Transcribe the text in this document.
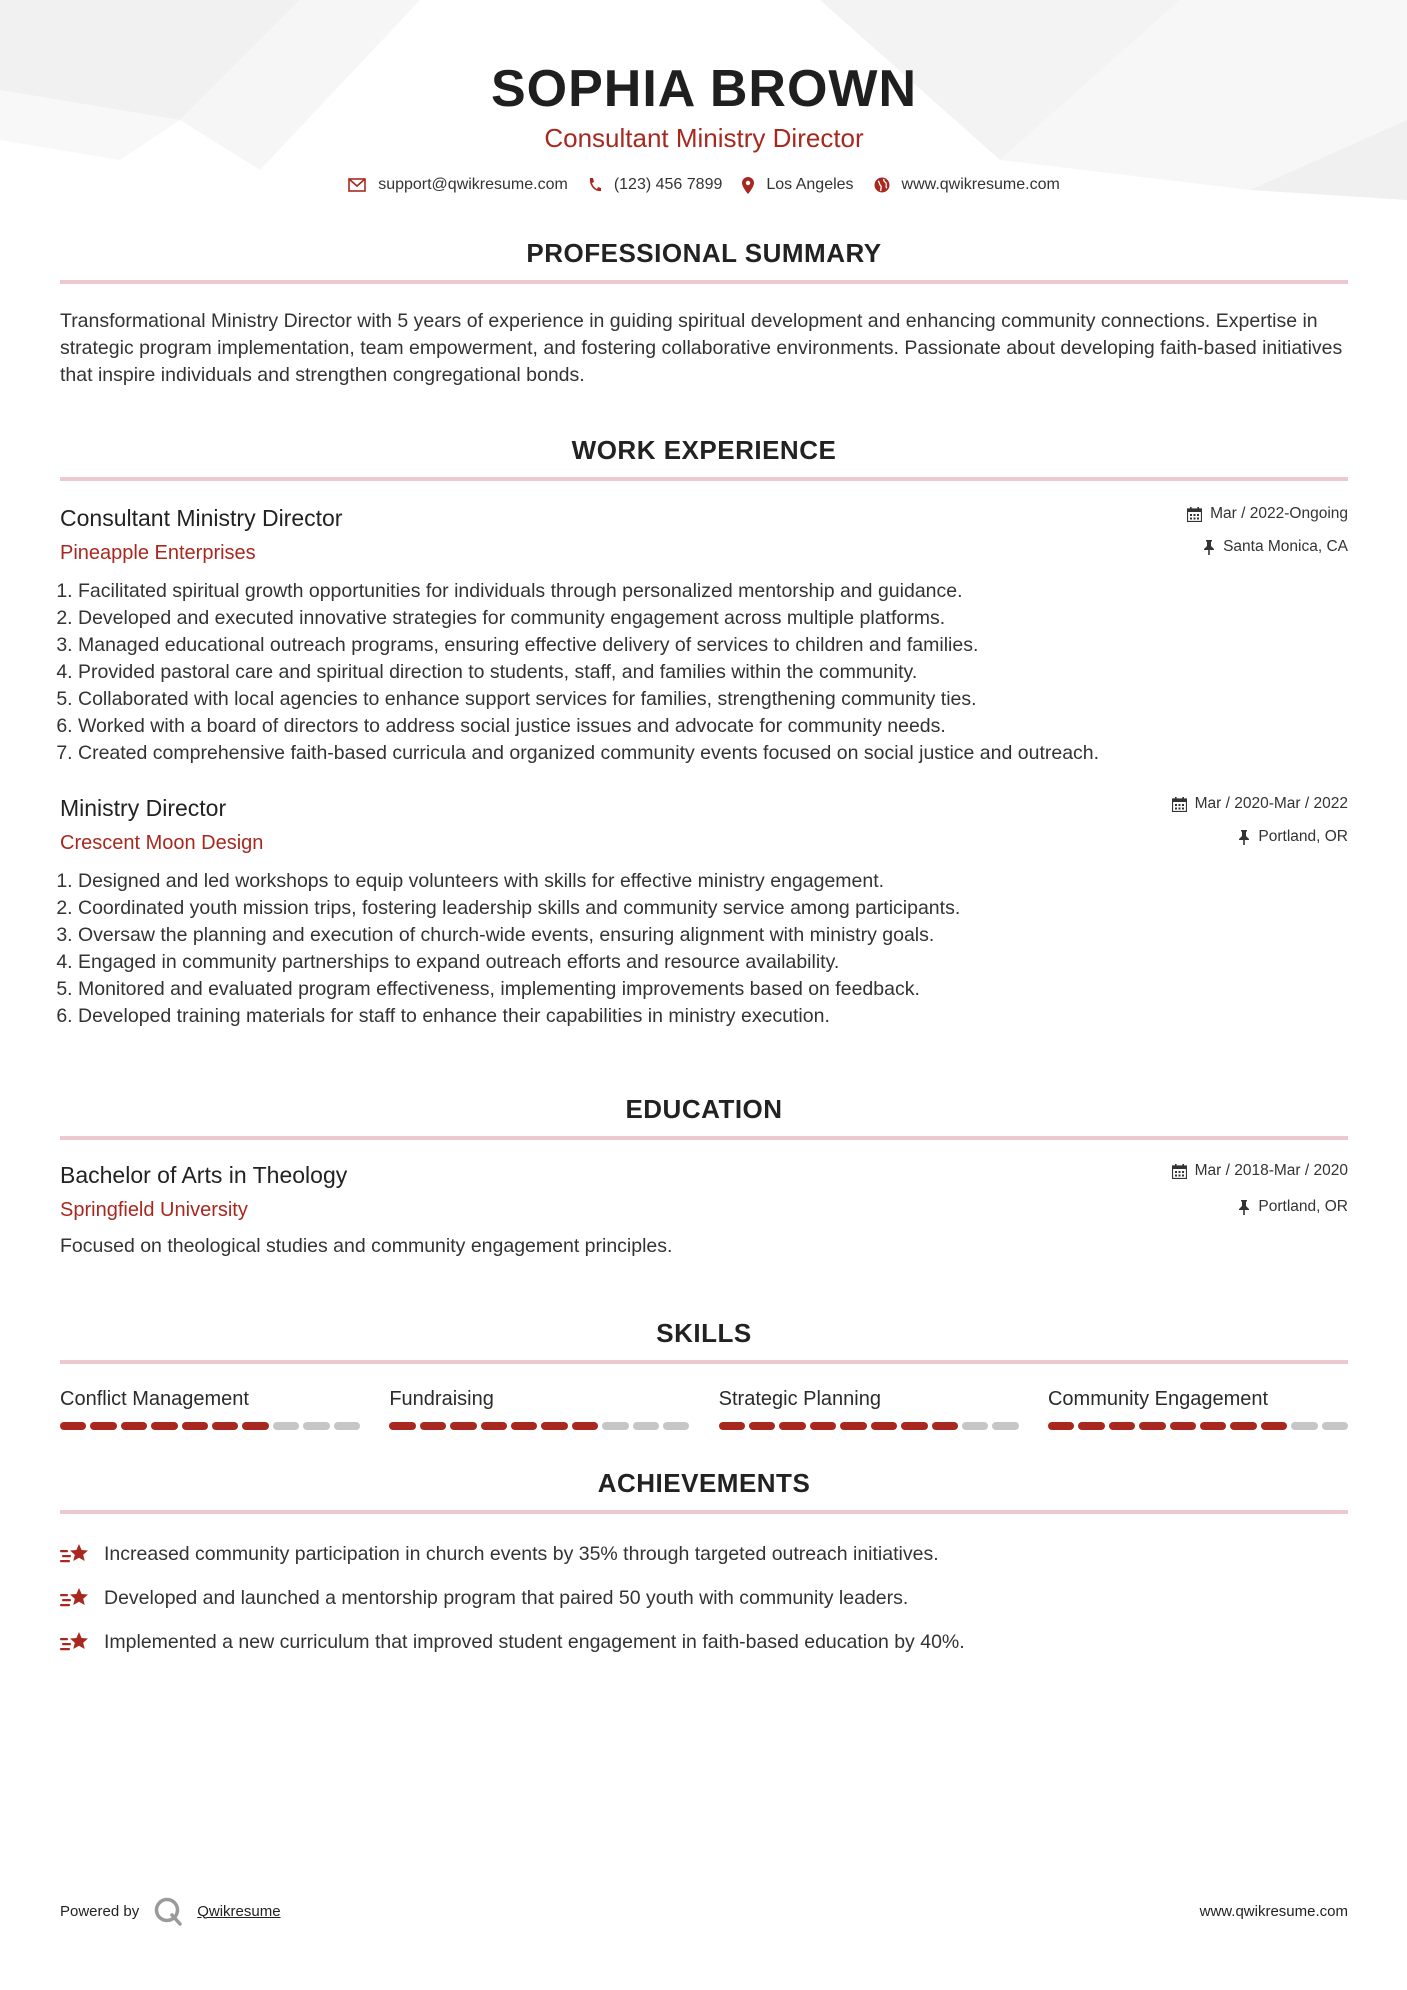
SOPHIA BROWN
Consultant Ministry Director
support@qwikresume.com	(123) 456 7899	Los Angeles	www.qwikresume.com
PROFESSIONAL SUMMARY

Transformational Ministry Director with 5 years of experience in guiding spiritual development and enhancing community connections. Expertise in strategic program implementation, team empowerment, and fostering collaborative environments. Passionate about developing faith-based initiatives that inspire individuals and strengthen congregational bonds.

WORK EXPERIENCE
Consultant Ministry Director
Pineapple Enterprises
Mar / 2022-Ongoing
Santa Monica, CA
1. Facilitated spiritual growth opportunities for individuals through personalized mentorship and guidance.
2. Developed and executed innovative strategies for community engagement across multiple platforms.
3. Managed educational outreach programs, ensuring effective delivery of services to children and families.
4. Provided pastoral care and spiritual direction to students, staff, and families within the community.
5. Collaborated with local agencies to enhance support services for families, strengthening community ties.
6. Worked with a board of directors to address social justice issues and advocate for community needs.
7. Created comprehensive faith-based curricula and organized community events focused on social justice and outreach.
Ministry Director
Crescent Moon Design
Mar / 2020-Mar / 2022
Portland, OR
1. Designed and led workshops to equip volunteers with skills for effective ministry engagement.
2. Coordinated youth mission trips, fostering leadership skills and community service among participants.
3. Oversaw the planning and execution of church-wide events, ensuring alignment with ministry goals.
4. Engaged in community partnerships to expand outreach efforts and resource availability.
5. Monitored and evaluated program effectiveness, implementing improvements based on feedback.
6. Developed training materials for staff to enhance their capabilities in ministry execution.
EDUCATION
Bachelor of Arts in Theology
Springfield University
Mar / 2018-Mar / 2020
Portland, OR

Focused on theological studies and community engagement principles.

SKILLS
Conflict Management	Fundraising	Strategic Planning	Community Engagement
ACHIEVEMENTS
Increased community participation in church events by 35% through targeted outreach initiatives.
Developed and launched a mentorship program that paired 50 youth with community leaders.
Implemented a new curriculum that improved student engagement in faith-based education by 40%.
Powered by	Qwikresume	www.qwikresume.com
